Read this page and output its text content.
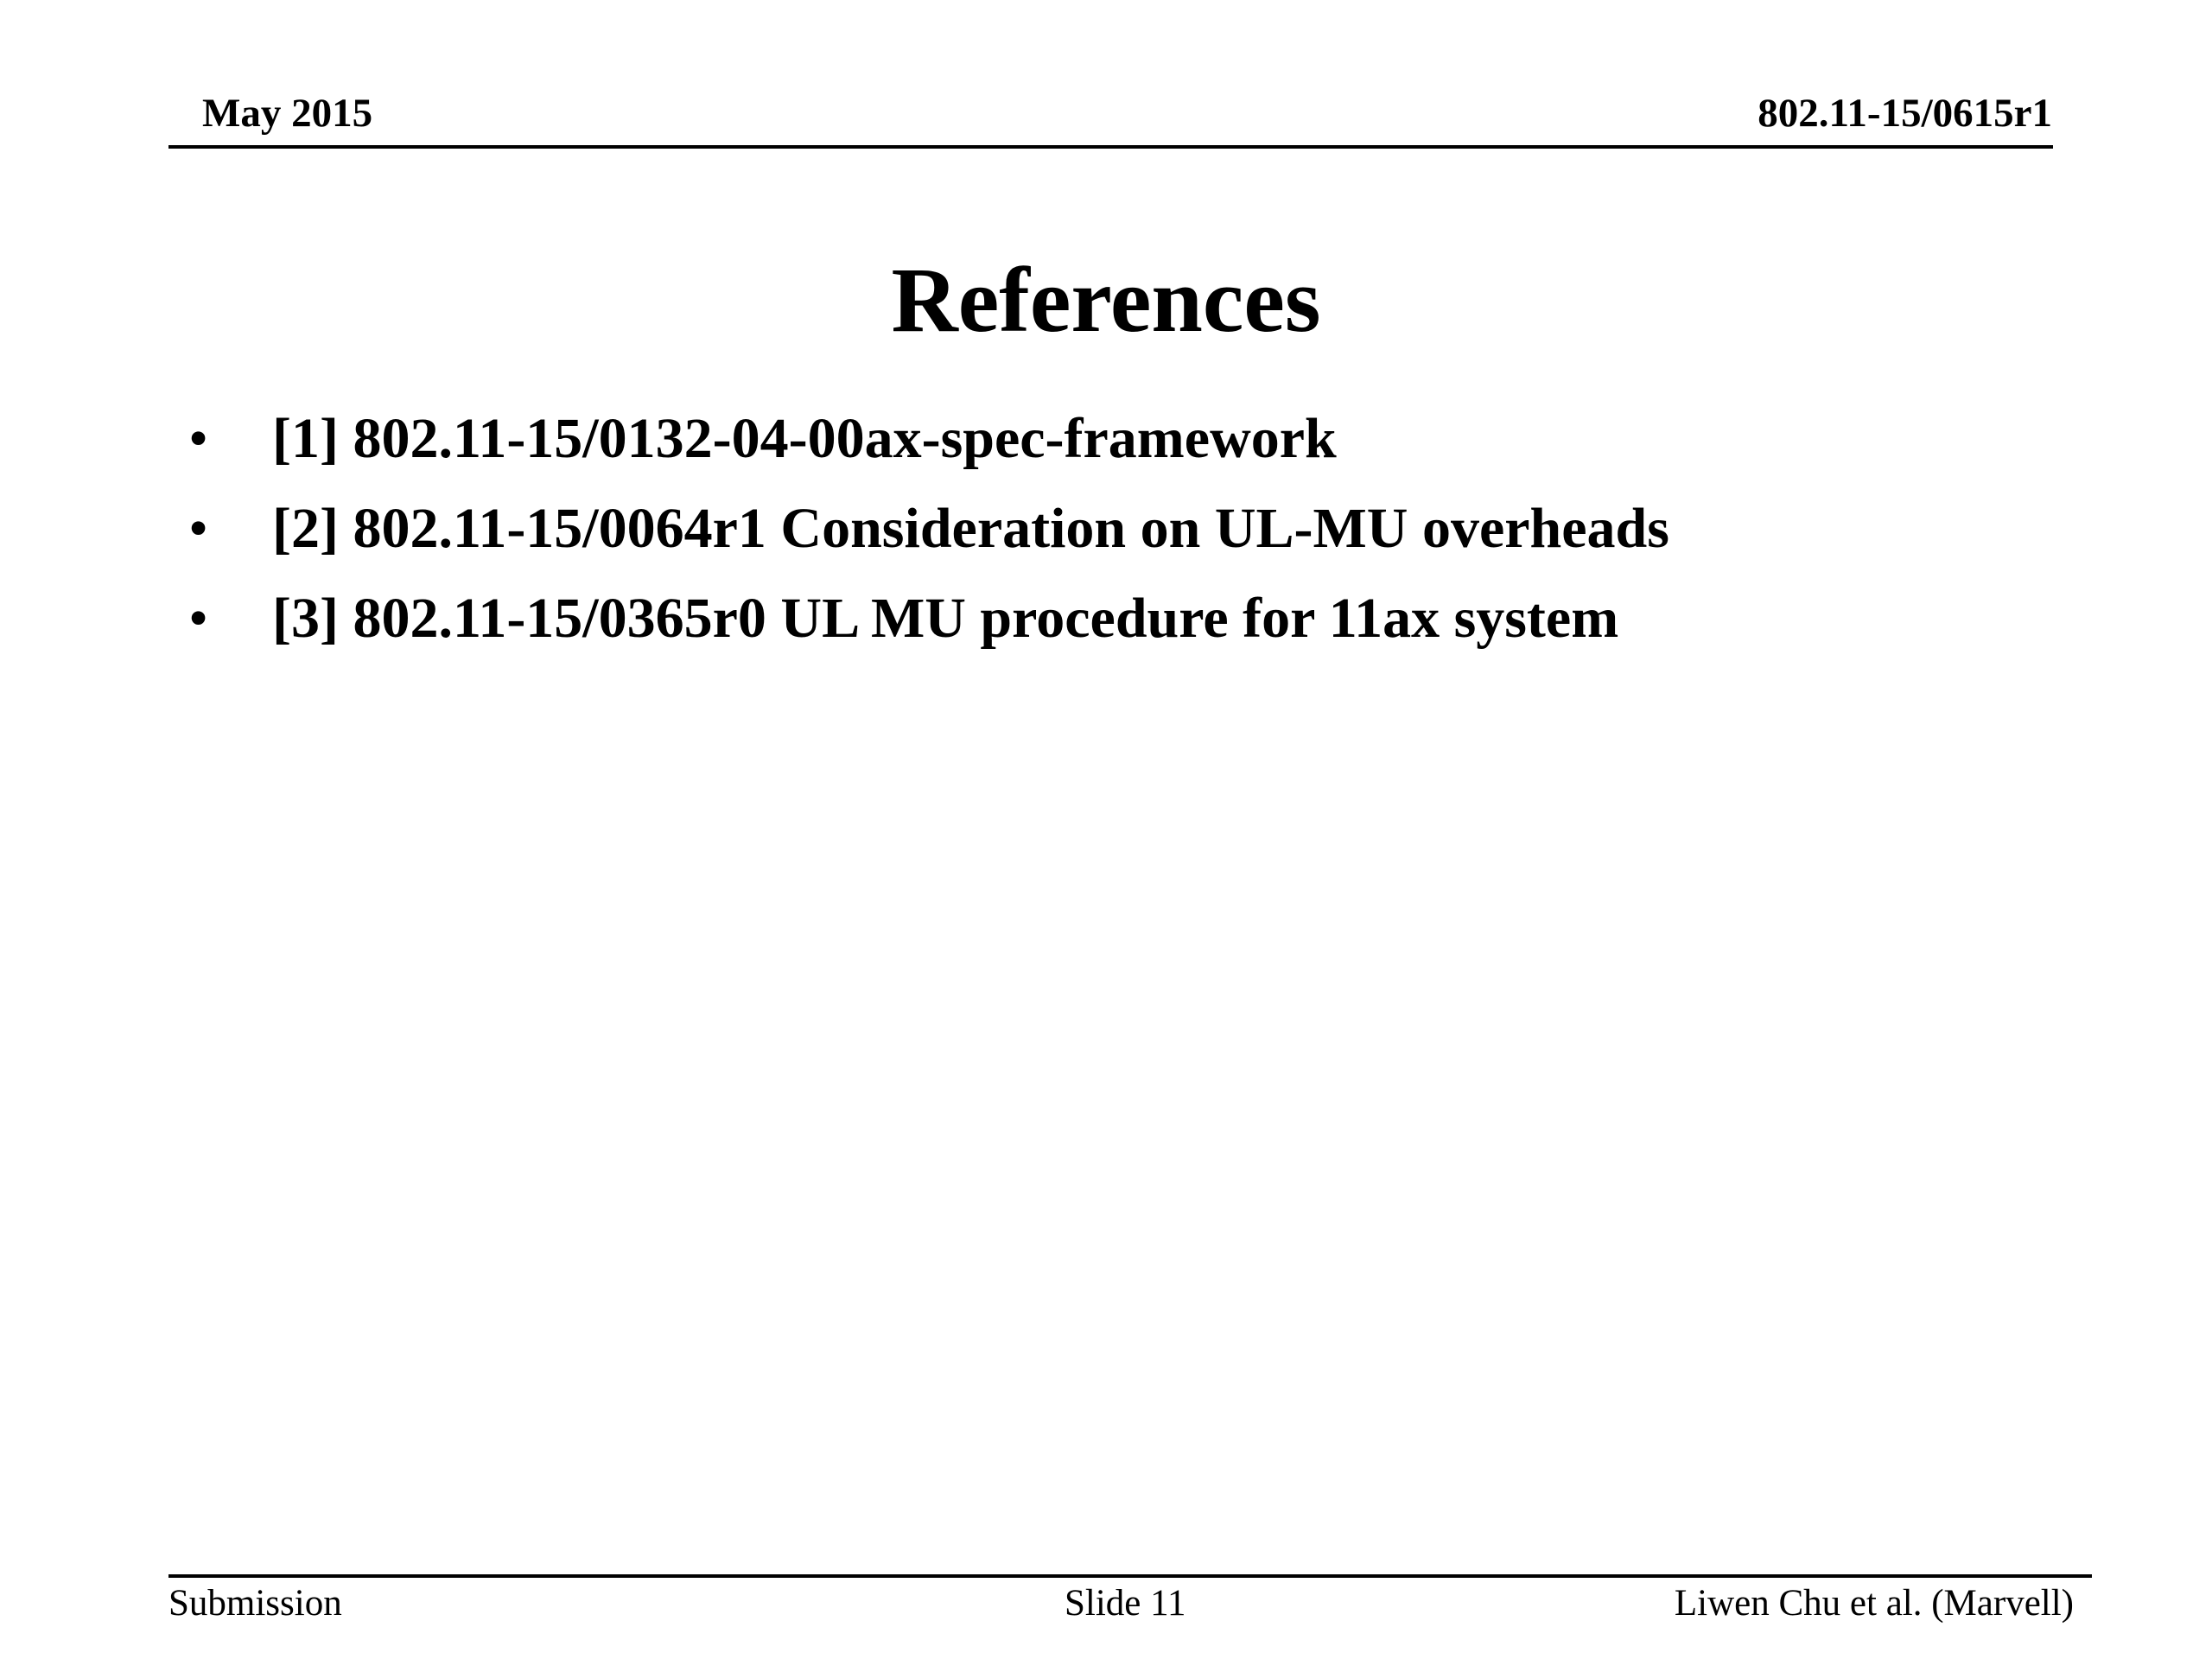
May 2015	802.11-15/0615r1
References
• [1] 802.11-15/0132-04-00ax-spec-framework
• [2] 802.11-15/0064r1 Consideration on UL-MU overheads
• [3] 802.11-15/0365r0 UL MU procedure for 11ax system
Submission	Slide 11	Liwen Chu et al. (Marvell)
